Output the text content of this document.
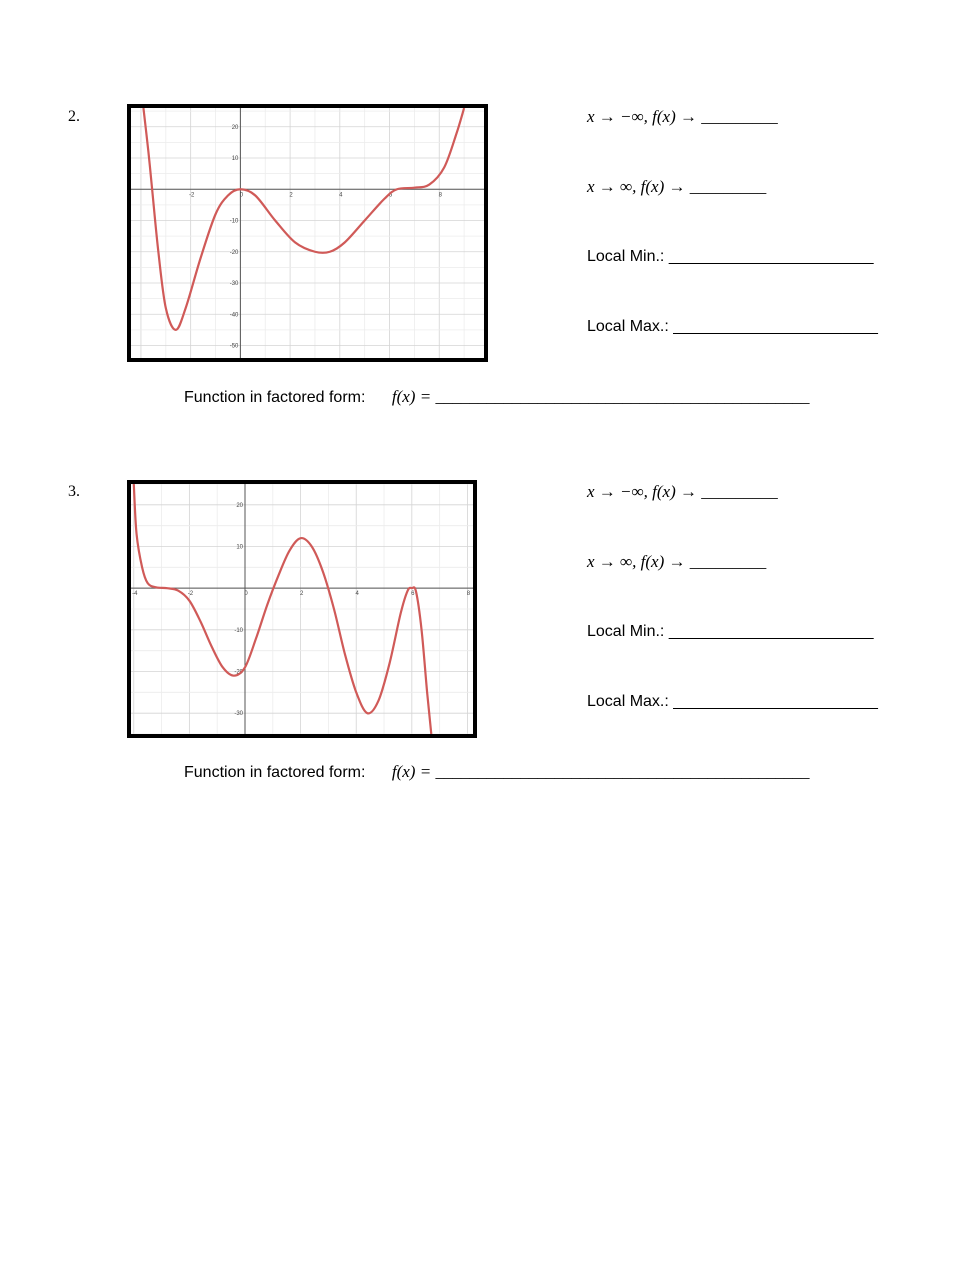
2.
-2	0	2	4	6	8
20
10
-10
-20
-30
-40
-50
x → −∞, f(x) → _________
x → ∞, f(x) → _________
Local Min.: _______________________
Local Max.: _______________________
Function in factored form: f(x) = ____________________________________________
3.
-4	-2	0	2	4	6	8
20
10
-10
-20
-30
x → −∞, f(x) → _________
x → ∞, f(x) → _________
Local Min.: _______________________
Local Max.: _______________________
Function in factored form: f(x) = ____________________________________________
